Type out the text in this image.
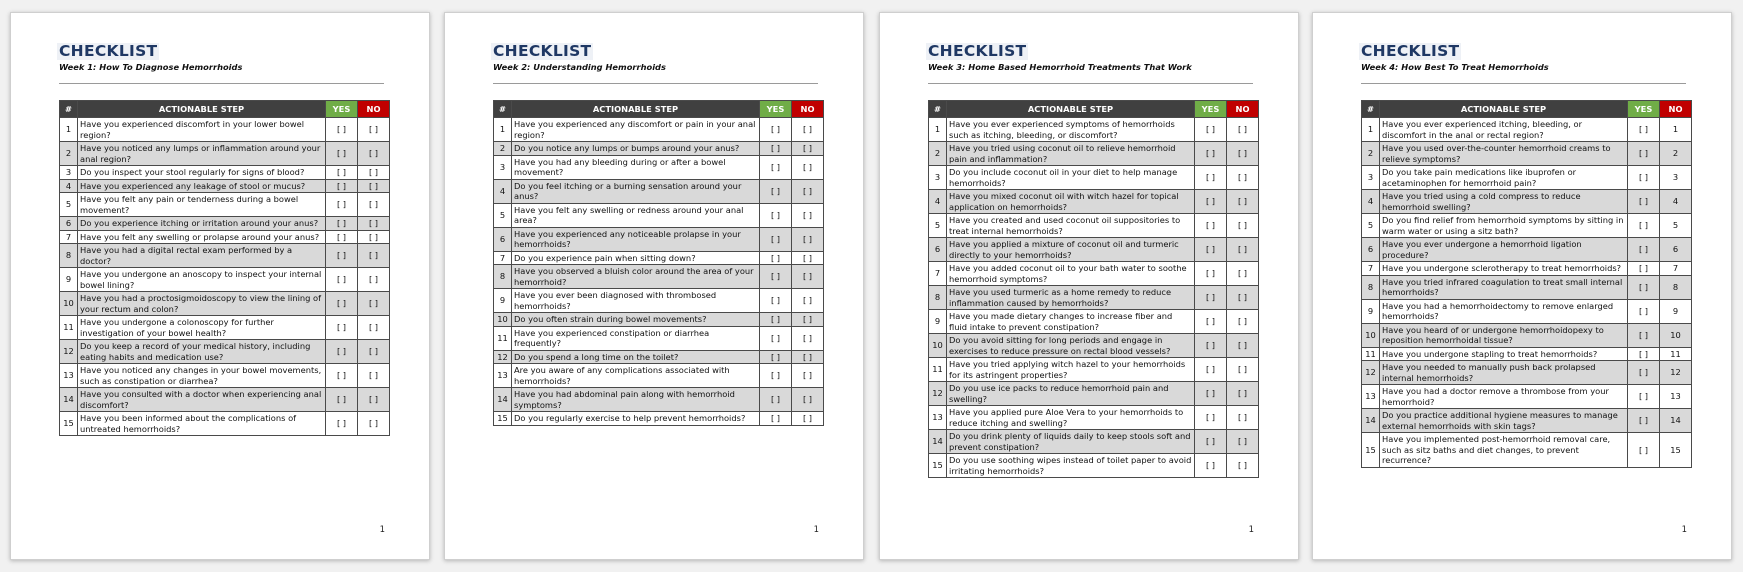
CHECKLIST
Week 1: How To Diagnose Hemorrhoids
#	ACTIONABLE STEP	YES	NO
1	Have you experienced discomfort in your lower bowel region?	[ ]	[ ]
2	Have you noticed any lumps or inflammation around your anal region?	[ ]	[ ]
3	Do you inspect your stool regularly for signs of blood?	[ ]	[ ]
4	Have you experienced any leakage of stool or mucus?	[ ]	[ ]
5	Have you felt any pain or tenderness during a bowel movement?	[ ]	[ ]
6	Do you experience itching or irritation around your anus?	[ ]	[ ]
7	Have you felt any swelling or prolapse around your anus?	[ ]	[ ]
8	Have you had a digital rectal exam performed by a doctor?	[ ]	[ ]
9	Have you undergone an anoscopy to inspect your internal bowel lining?	[ ]	[ ]
10	Have you had a proctosigmoidoscopy to view the lining of your rectum and colon?	[ ]	[ ]
11	Have you undergone a colonoscopy for further investigation of your bowel health?	[ ]	[ ]
12	Do you keep a record of your medical history, including eating habits and medication use?	[ ]	[ ]
13	Have you noticed any changes in your bowel movements, such as constipation or diarrhea?	[ ]	[ ]
14	Have you consulted with a doctor when experiencing anal discomfort?	[ ]	[ ]
15	Have you been informed about the complications of untreated hemorrhoids?	[ ]	[ ]
1
CHECKLIST
Week 2: Understanding Hemorrhoids
#	ACTIONABLE STEP	YES	NO
1	Have you experienced any discomfort or pain in your anal region?	[ ]	[ ]
2	Do you notice any lumps or bumps around your anus?	[ ]	[ ]
3	Have you had any bleeding during or after a bowel movement?	[ ]	[ ]
4	Do you feel itching or a burning sensation around your anus?	[ ]	[ ]
5	Have you felt any swelling or redness around your anal area?	[ ]	[ ]
6	Have you experienced any noticeable prolapse in your hemorrhoids?	[ ]	[ ]
7	Do you experience pain when sitting down?	[ ]	[ ]
8	Have you observed a bluish color around the area of your hemorrhoid?	[ ]	[ ]
9	Have you ever been diagnosed with thrombosed hemorrhoids?	[ ]	[ ]
10	Do you often strain during bowel movements?	[ ]	[ ]
11	Have you experienced constipation or diarrhea frequently?	[ ]	[ ]
12	Do you spend a long time on the toilet?	[ ]	[ ]
13	Are you aware of any complications associated with hemorrhoids?	[ ]	[ ]
14	Have you had abdominal pain along with hemorrhoid symptoms?	[ ]	[ ]
15	Do you regularly exercise to help prevent hemorrhoids?	[ ]	[ ]
1
CHECKLIST
Week 3: Home Based Hemorrhoid Treatments That Work
#	ACTIONABLE STEP	YES	NO
1	Have you ever experienced symptoms of hemorrhoids such as itching, bleeding, or discomfort?	[ ]	[ ]
2	Have you tried using coconut oil to relieve hemorrhoid pain and inflammation?	[ ]	[ ]
3	Do you include coconut oil in your diet to help manage hemorrhoids?	[ ]	[ ]
4	Have you mixed coconut oil with witch hazel for topical application on hemorrhoids?	[ ]	[ ]
5	Have you created and used coconut oil suppositories to treat internal hemorrhoids?	[ ]	[ ]
6	Have you applied a mixture of coconut oil and turmeric directly to your hemorrhoids?	[ ]	[ ]
7	Have you added coconut oil to your bath water to soothe hemorrhoid symptoms?	[ ]	[ ]
8	Have you used turmeric as a home remedy to reduce inflammation caused by hemorrhoids?	[ ]	[ ]
9	Have you made dietary changes to increase fiber and fluid intake to prevent constipation?	[ ]	[ ]
10	Do you avoid sitting for long periods and engage in exercises to reduce pressure on rectal blood vessels?	[ ]	[ ]
11	Have you tried applying witch hazel to your hemorrhoids for its astringent properties?	[ ]	[ ]
12	Do you use ice packs to reduce hemorrhoid pain and swelling?	[ ]	[ ]
13	Have you applied pure Aloe Vera to your hemorrhoids to reduce itching and swelling?	[ ]	[ ]
14	Do you drink plenty of liquids daily to keep stools soft and prevent constipation?	[ ]	[ ]
15	Do you use soothing wipes instead of toilet paper to avoid irritating hemorrhoids?	[ ]	[ ]
1
CHECKLIST
Week 4: How Best To Treat Hemorrhoids
#	ACTIONABLE STEP	YES	NO
1	Have you ever experienced itching, bleeding, or discomfort in the anal or rectal region?	[ ]	1
2	Have you used over-the-counter hemorrhoid creams to relieve symptoms?	[ ]	2
3	Do you take pain medications like ibuprofen or acetaminophen for hemorrhoid pain?	[ ]	3
4	Have you tried using a cold compress to reduce hemorrhoid swelling?	[ ]	4
5	Do you find relief from hemorrhoid symptoms by sitting in warm water or using a sitz bath?	[ ]	5
6	Have you ever undergone a hemorrhoid ligation procedure?	[ ]	6
7	Have you undergone sclerotherapy to treat hemorrhoids?	[ ]	7
8	Have you tried infrared coagulation to treat small internal hemorrhoids?	[ ]	8
9	Have you had a hemorrhoidectomy to remove enlarged hemorrhoids?	[ ]	9
10	Have you heard of or undergone hemorrhoidopexy to reposition hemorrhoidal tissue?	[ ]	10
11	Have you undergone stapling to treat hemorrhoids?	[ ]	11
12	Have you needed to manually push back prolapsed internal hemorrhoids?	[ ]	12
13	Have you had a doctor remove a thrombose from your hemorrhoid?	[ ]	13
14	Do you practice additional hygiene measures to manage external hemorrhoids with skin tags?	[ ]	14
15	Have you implemented post-hemorrhoid removal care, such as sitz baths and diet changes, to prevent recurrence?	[ ]	15
1
